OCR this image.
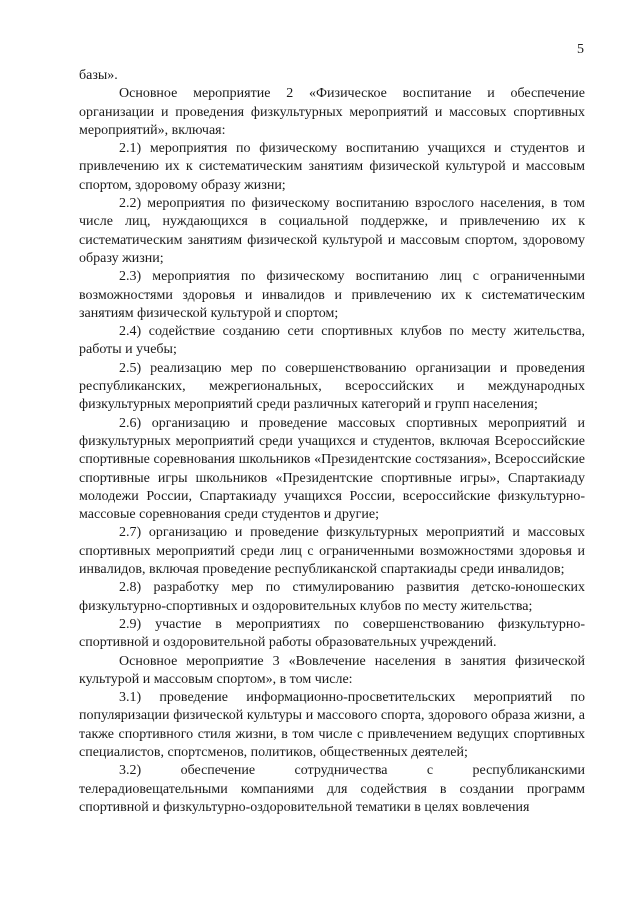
5

базы».

Основное мероприятие 2 «Физическое воспитание и обеспечение организации и проведения физкультурных мероприятий и массовых спортивных мероприятий», включая:

2.1) мероприятия по физическому воспитанию учащихся и студентов и привлечению их к систематическим занятиям физической культурой и массовым спортом, здоровому образу жизни;

2.2) мероприятия по физическому воспитанию взрослого населения, в том числе лиц, нуждающихся в социальной поддержке, и привлечению их к систематическим занятиям физической культурой и массовым спортом, здоровому образу жизни;

2.3) мероприятия по физическому воспитанию лиц с ограниченными возможностями здоровья и инвалидов и привлечению их к систематическим занятиям физической культурой и спортом;

2.4) содействие созданию сети спортивных клубов по месту жительства, работы и учебы;

2.5) реализацию мер по совершенствованию организации и проведения республиканских, межрегиональных, всероссийских и международных физкультурных мероприятий среди различных категорий и групп населения;

2.6) организацию и проведение массовых спортивных мероприятий и физкультурных мероприятий среди учащихся и студентов, включая Всероссийские спортивные соревнования школьников «Президентские состязания», Всероссийские спортивные игры школьников «Президентские спортивные игры», Спартакиаду молодежи России, Спартакиаду учащихся России, всероссийские физкультурно-массовые соревнования среди студентов и другие;

2.7) организацию и проведение физкультурных мероприятий и массовых спортивных мероприятий среди лиц с ограниченными возможностями здоровья и инвалидов, включая проведение республиканской спартакиады среди инвалидов;

2.8) разработку мер по стимулированию развития детско-юношеских физкультурно-спортивных и оздоровительных клубов по месту жительства;

2.9) участие в мероприятиях по совершенствованию физкультурно-спортивной и оздоровительной работы образовательных учреждений.

Основное мероприятие 3 «Вовлечение населения в занятия физической культурой и массовым спортом», в том числе:

3.1) проведение информационно-просветительских мероприятий по популяризации физической культуры и массового спорта, здорового образа жизни, а также спортивного стиля жизни, в том числе с привлечением ведущих спортивных специалистов, спортсменов, политиков, общественных деятелей;

3.2) обеспечение сотрудничества с республиканскими телерадиовещательными компаниями для содействия в создании программ спортивной и физкультурно-оздоровительной тематики в целях вовлечения
